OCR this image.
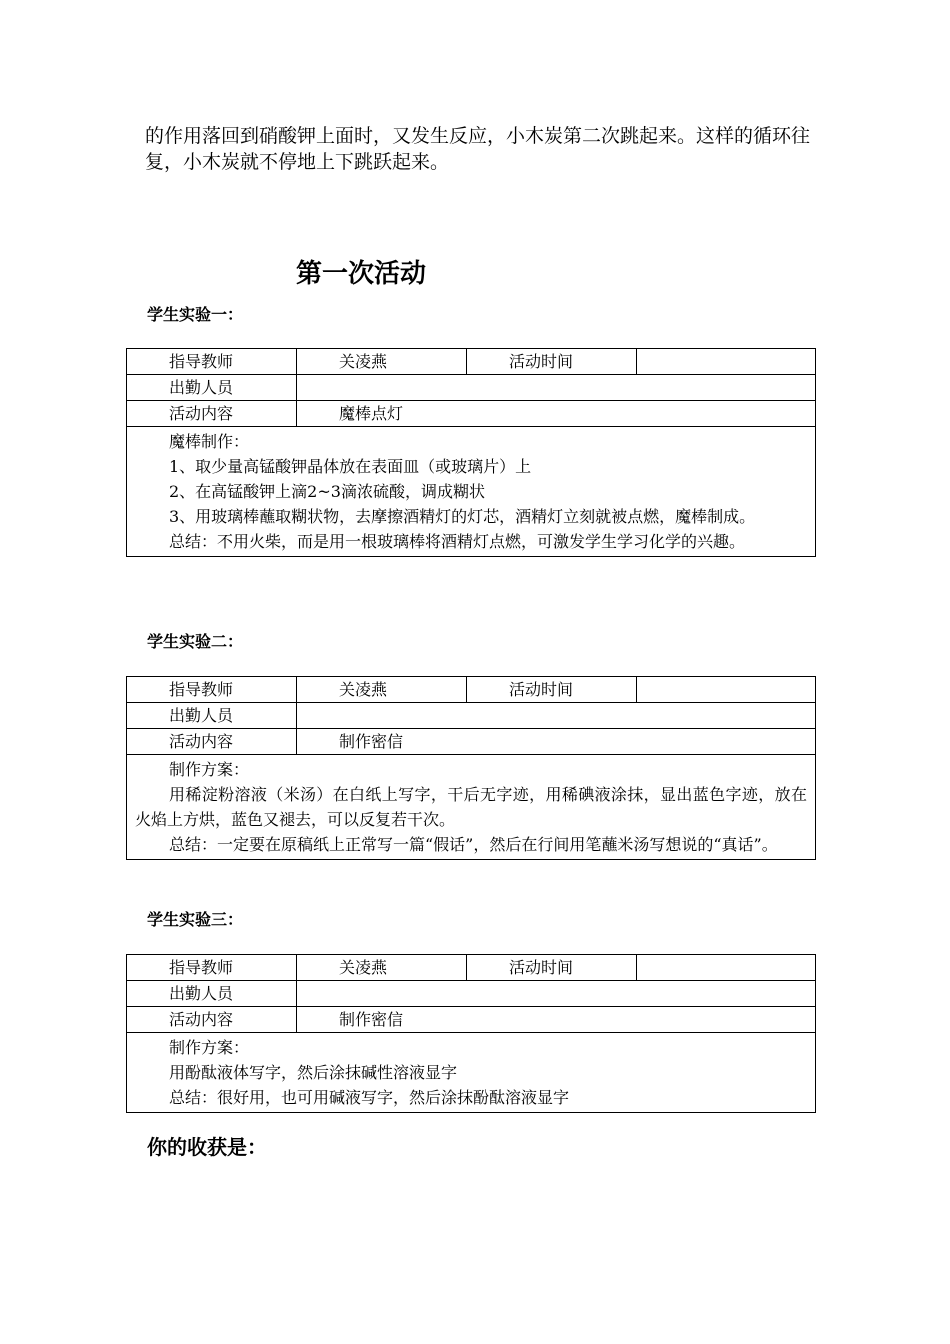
的作用落回到硝酸钾上面时，又发生反应，小木炭第二次跳起来。这样的循环往复，小木炭就不停地上下跳跃起来。

第一次活动
学生实验一：
指导教师	关凌燕	活动时间	
出勤人员			
活动内容	魔棒点灯		

魔棒制作：

1、取少量高锰酸钾晶体放在表面皿（或玻璃片）上

2、在高锰酸钾上滴2~3滴浓硫酸，调成糊状

3、用玻璃棒蘸取糊状物，去摩擦酒精灯的灯芯，酒精灯立刻就被点燃，魔棒制成。

总结：不用火柴，而是用一根玻璃棒将酒精灯点燃，可激发学生学习化学的兴趣。			

学生实验二：
指导教师	关凌燕	活动时间	
出勤人员			
活动内容	制作密信		

制作方案：

用稀淀粉溶液（米汤）在白纸上写字，干后无字迹，用稀碘液涂抹，显出蓝色字迹，放在火焰上方烘，蓝色又褪去，可以反复若干次。

总结：一定要在原稿纸上正常写一篇“假话”，然后在行间用笔蘸米汤写想说的“真话”。			

学生实验三：
指导教师	关凌燕	活动时间	
出勤人员			
活动内容	制作密信		

制作方案：

用酚酞液体写字，然后涂抹碱性溶液显字

总结：很好用，也可用碱液写字，然后涂抹酚酞溶液显字			

你的收获是：
